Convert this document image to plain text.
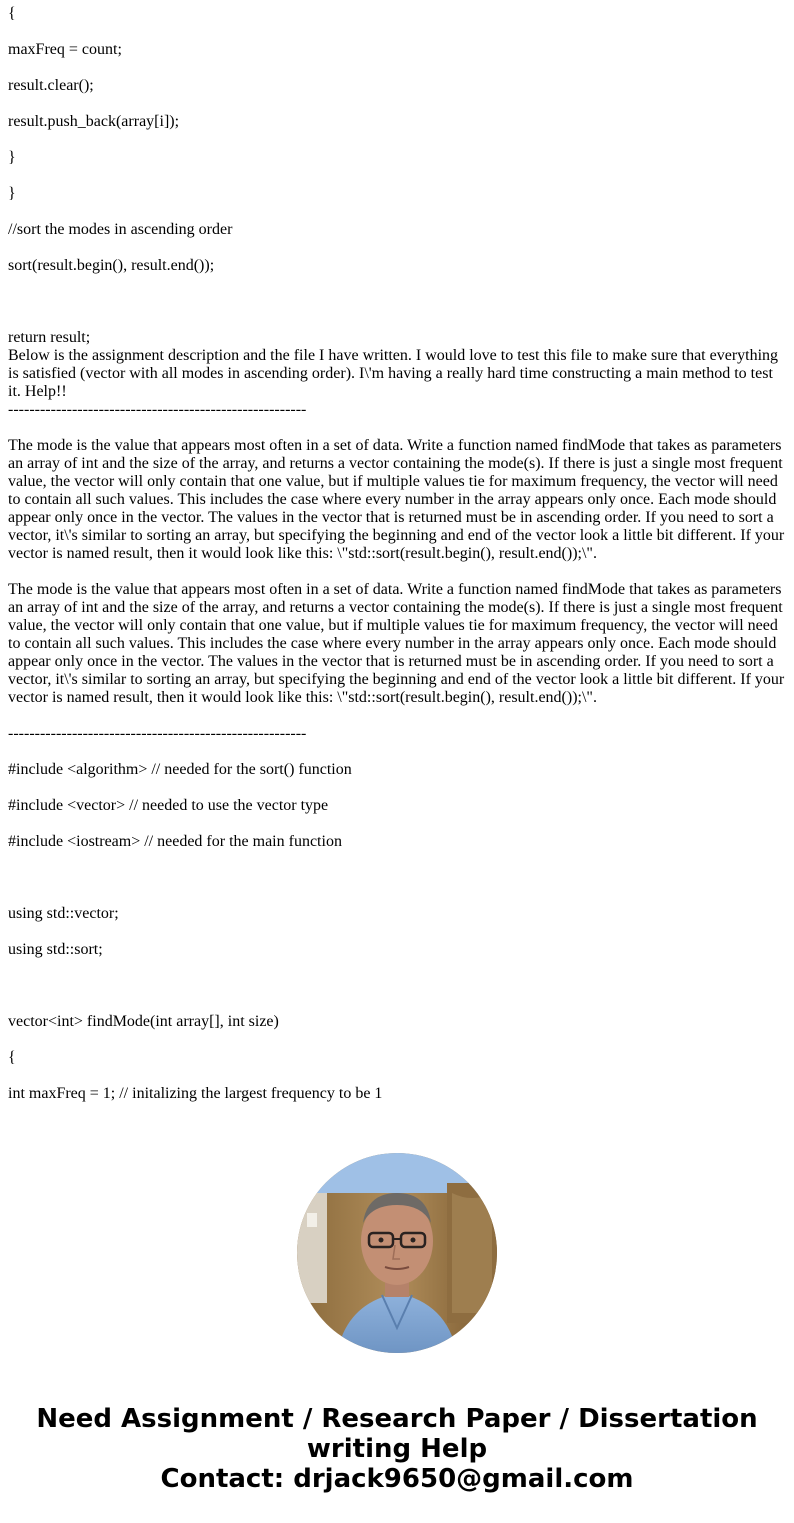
{
maxFreq = count;
result.clear();
result.push_back(array[i]);
}
}
//sort the modes in ascending order
sort(result.begin(), result.end());
return result;

Below is the assignment description and the file I have written. I would love to test this file to make sure that everything is satisfied (vector with all modes in ascending order). I\'m having a really hard time constructing a main method to test it. Help!!

--------------------------------------------------------

The mode is the value that appears most often in a set of data. Write a function named findMode that takes as parameters an array of int and the size of the array, and returns a vector containing the mode(s). If there is just a single most frequent value, the vector will only contain that one value, but if multiple values tie for maximum frequency, the vector will need to contain all such values. This includes the case where every number in the array appears only once. Each mode should appear only once in the vector. The values in the vector that is returned must be in ascending order. If you need to sort a vector, it\'s similar to sorting an array, but specifying the beginning and end of the vector look a little bit different. If your vector is named result, then it would look like this: \"std::sort(result.begin(), result.end());\".

The mode is the value that appears most often in a set of data. Write a function named findMode that takes as parameters an array of int and the size of the array, and returns a vector containing the mode(s). If there is just a single most frequent value, the vector will only contain that one value, but if multiple values tie for maximum frequency, the vector will need to contain all such values. This includes the case where every number in the array appears only once. Each mode should appear only once in the vector. The values in the vector that is returned must be in ascending order. If you need to sort a vector, it\'s similar to sorting an array, but specifying the beginning and end of the vector look a little bit different. If your vector is named result, then it would look like this: \"std::sort(result.begin(), result.end());\".

--------------------------------------------------------
#include <algorithm> // needed for the sort() function
#include <vector> // needed to use the vector type
#include <iostream> // needed for the main function
using std::vector;
using std::sort;
vector<int> findMode(int array[], int size)
{
int maxFreq = 1; // initalizing the largest frequency to be 1
Need Assignment / Research Paper / Dissertation
writing Help
Contact: drjack9650@gmail.com
